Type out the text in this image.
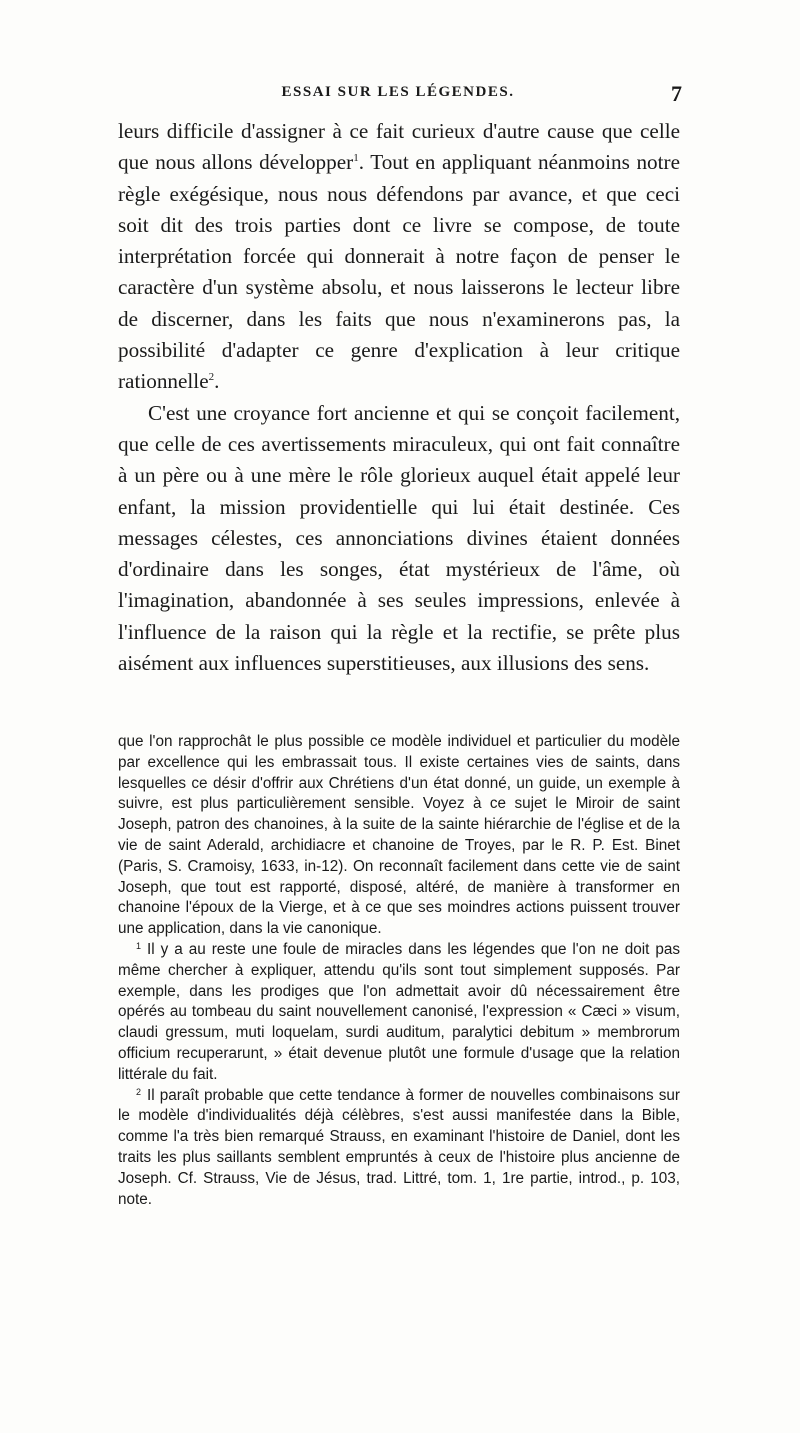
ESSAI SUR LES LÉGENDES.	7

leurs difficile d'assigner à ce fait curieux d'autre cause que celle que nous allons développer$^1$. Tout en appliquant néanmoins notre règle exégésique, nous nous défendons par avance, et que ceci soit dit des trois parties dont ce livre se compose, de toute interprétation forcée qui donnerait à notre façon de penser le caractère d'un système absolu, et nous laisserons le lecteur libre de discerner, dans les faits que nous n'examinerons pas, la possibilité d'adapter ce genre d'explication à leur critique rationnelle$^2$.

C'est une croyance fort ancienne et qui se conçoit facilement, que celle de ces avertissements miraculeux, qui ont fait connaître à un père ou à une mère le rôle glorieux auquel était appelé leur enfant, la mission providentielle qui lui était destinée. Ces messages célestes, ces annonciations divines étaient données d'ordinaire dans les songes, état mystérieux de l'âme, où l'imagination, abandonnée à ses seules impressions, enlevée à l'influence de la raison qui la règle et la rectifie, se prête plus aisément aux influences superstitieuses, aux illusions des sens.

que l'on rapprochât le plus possible ce modèle individuel et particulier du modèle par excellence qui les embrassait tous. Il existe certaines vies de saints, dans lesquelles ce désir d'offrir aux Chrétiens d'un état donné, un guide, un exemple à suivre, est plus particulièrement sensible. Voyez à ce sujet le Miroir de saint Joseph, patron des chanoines, à la suite de la sainte hiérarchie de l'église et de la vie de saint Aderald, archidiacre et chanoine de Troyes, par le R. P. Est. Binet (Paris, S. Cramoisy, 1633, in-12). On reconnaît facilement dans cette vie de saint Joseph, que tout est rapporté, disposé, altéré, de manière à transformer en chanoine l'époux de la Vierge, et à ce que ses moindres actions puissent trouver une application, dans la vie canonique.

$^1$ Il y a au reste une foule de miracles dans les légendes que l'on ne doit pas même chercher à expliquer, attendu qu'ils sont tout simplement supposés. Par exemple, dans les prodiges que l'on admettait avoir dû nécessairement être opérés au tombeau du saint nouvellement canonisé, l'expression « Cæci » visum, claudi gressum, muti loquelam, surdi auditum, paralytici debitum » membrorum officium recuperarunt, » était devenue plutôt une formule d'usage que la relation littérale du fait.

$^2$ Il paraît probable que cette tendance à former de nouvelles combinaisons sur le modèle d'individualités déjà célèbres, s'est aussi manifestée dans la Bible, comme l'a très bien remarqué Strauss, en examinant l'histoire de Daniel, dont les traits les plus saillants semblent empruntés à ceux de l'histoire plus ancienne de Joseph. Cf. Strauss, Vie de Jésus, trad. Littré, tom. 1, 1re partie, introd., p. 103, note.
